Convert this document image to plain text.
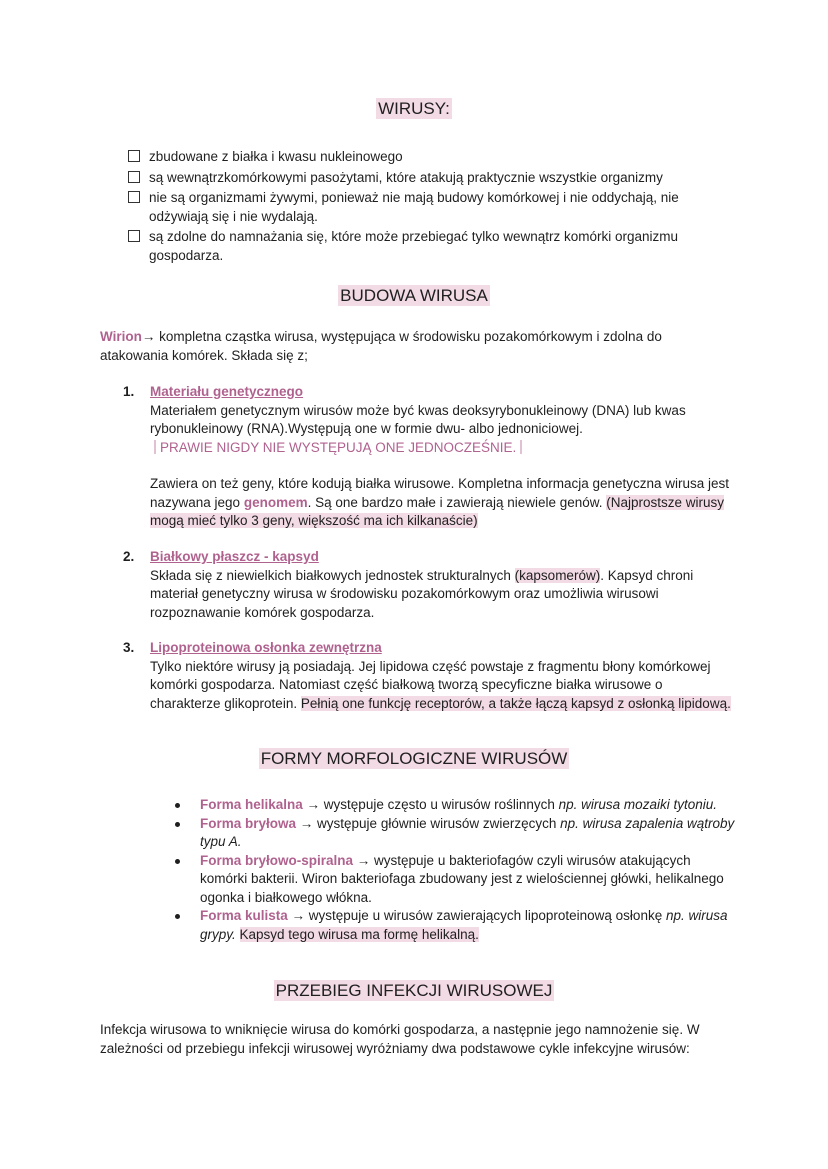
WIRUSY:
zbudowane z białka i kwasu nukleinowego
są wewnątrzkomórkowymi pasożytami, które atakują praktycznie wszystkie organizmy
nie są organizmami żywymi, ponieważ nie mają budowy komórkowej i nie oddychają, nie odżywiają się i nie wydalają.
są zdolne do namnażania się, które może przebiegać tylko wewnątrz komórki organizmu gospodarza.
BUDOWA WIRUSA
Wirion→ kompletna cząstka wirusa, występująca w środowisku pozakomórkowym i zdolna do atakowania komórek. Składa się z;
1. Materiału genetycznego
Materiałem genetycznym wirusów może być kwas deoksyrybonukleinowy (DNA) lub kwas rybonukleinowy (RNA).Występują one w formie dwu- albo jednoniciowej.
PRAWIE NIGDY NIE WYSTĘPUJĄ ONE JEDNOCZEŚNIE.
Zawiera on też geny, które kodują białka wirusowe. Kompletna informacja genetyczna wirusa jest nazywana jego genomem. Są one bardzo małe i zawierają niewiele genów. (Najprostsze wirusy mogą mieć tylko 3 geny, większość ma ich kilkanaście)
2. Białkowy płaszcz - kapsyd
Składa się z niewielkich białkowych jednostek strukturalnych (kapsomerów). Kapsyd chroni materiał genetyczny wirusa w środowisku pozakomórkowym oraz umożliwia wirusowi rozpoznawanie komórek gospodarza.
3. Lipoproteinowa osłonka zewnętrzna
Tylko niektóre wirusy ją posiadają. Jej lipidowa część powstaje z fragmentu błony komórkowej komórki gospodarza. Natomiast część białkową tworzą specyficzne białka wirusowe o charakterze glikoprotein. Pełnią one funkcję receptorów, a także łączą kapsyd z osłonką lipidową.
FORMY MORFOLOGICZNE WIRUSÓW
Forma helikalna → występuje często u wirusów roślinnych np. wirusa mozaiki tytoniu.
Forma bryłowa → występuje głównie wirusów zwierzęcych np. wirusa zapalenia wątroby typu A.
Forma bryłowo-spiralna → występuje u bakteriofagów czyli wirusów atakujących komórki bakterii. Wiron bakteriofaga zbudowany jest z wielościennej główki, helikalnego ogonka i białkowego włókna.
Forma kulista → występuje u wirusów zawierających lipoproteinową osłonkę np. wirusa grypy. Kapsyd tego wirusa ma formę helikalną.
PRZEBIEG INFEKCJI WIRUSOWEJ
Infekcja wirusowa to wniknięcie wirusa do komórki gospodarza, a następnie jego namnożenie się. W zależności od przebiegu infekcji wirusowej wyróżniamy dwa podstawowe cykle infekcyjne wirusów:
